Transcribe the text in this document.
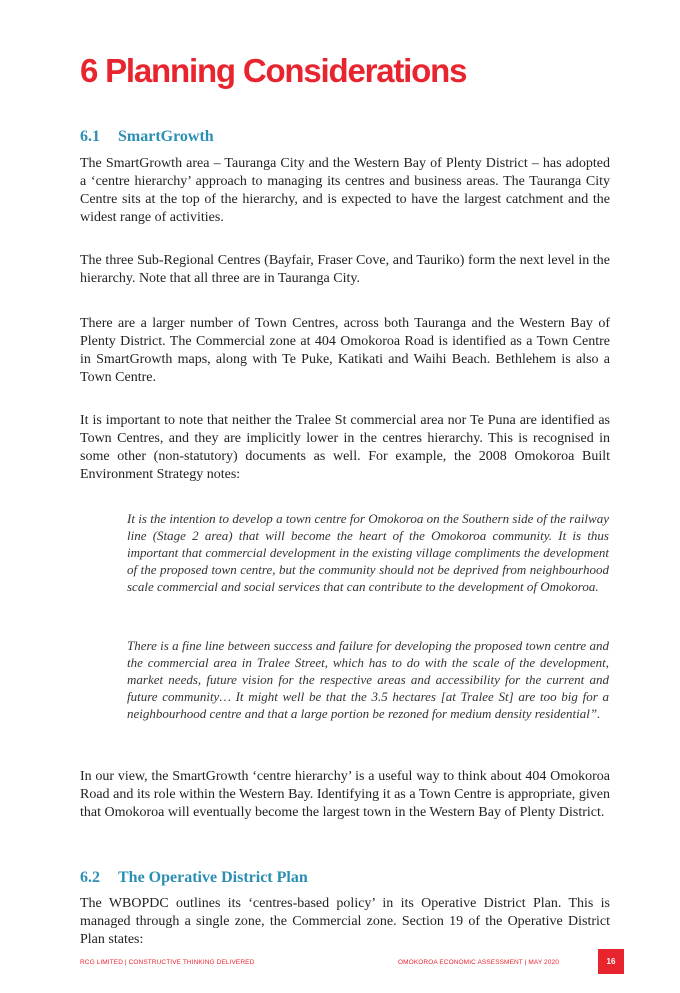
6 Planning Considerations
6.1 SmartGrowth

The SmartGrowth area – Tauranga City and the Western Bay of Plenty District – has adopted a ‘centre hierarchy’ approach to managing its centres and business areas. The Tauranga City Centre sits at the top of the hierarchy, and is expected to have the largest catchment and the widest range of activities.

The three Sub-Regional Centres (Bayfair, Fraser Cove, and Tauriko) form the next level in the hierarchy. Note that all three are in Tauranga City.

There are a larger number of Town Centres, across both Tauranga and the Western Bay of Plenty District. The Commercial zone at 404 Omokoroa Road is identified as a Town Centre in SmartGrowth maps, along with Te Puke, Katikati and Waihi Beach. Bethlehem is also a Town Centre.

It is important to note that neither the Tralee St commercial area nor Te Puna are identified as Town Centres, and they are implicitly lower in the centres hierarchy. This is recognised in some other (non-statutory) documents as well. For example, the 2008 Omokoroa Built Environment Strategy notes:

It is the intention to develop a town centre for Omokoroa on the Southern side of the railway line (Stage 2 area) that will become the heart of the Omokoroa community. It is thus important that commercial development in the existing village compliments the development of the proposed town centre, but the community should not be deprived from neighbourhood scale commercial and social services that can contribute to the development of Omokoroa.

There is a fine line between success and failure for developing the proposed town centre and the commercial area in Tralee Street, which has to do with the scale of the development, market needs, future vision for the respective areas and accessibility for the current and future community… It might well be that the 3.5 hectares [at Tralee St] are too big for a neighbourhood centre and that a large portion be rezoned for medium density residential”.

In our view, the SmartGrowth ‘centre hierarchy’ is a useful way to think about 404 Omokoroa Road and its role within the Western Bay. Identifying it as a Town Centre is appropriate, given that Omokoroa will eventually become the largest town in the Western Bay of Plenty District.

6.2 The Operative District Plan

The WBOPDC outlines its ‘centres-based policy’ in its Operative District Plan. This is managed through a single zone, the Commercial zone. Section 19 of the Operative District Plan states:

RCG LIMITED | CONSTRUCTIVE THINKING DELIVERED	OMOKOROA ECONOMIC ASSESSMENT | MAY 2020	16
